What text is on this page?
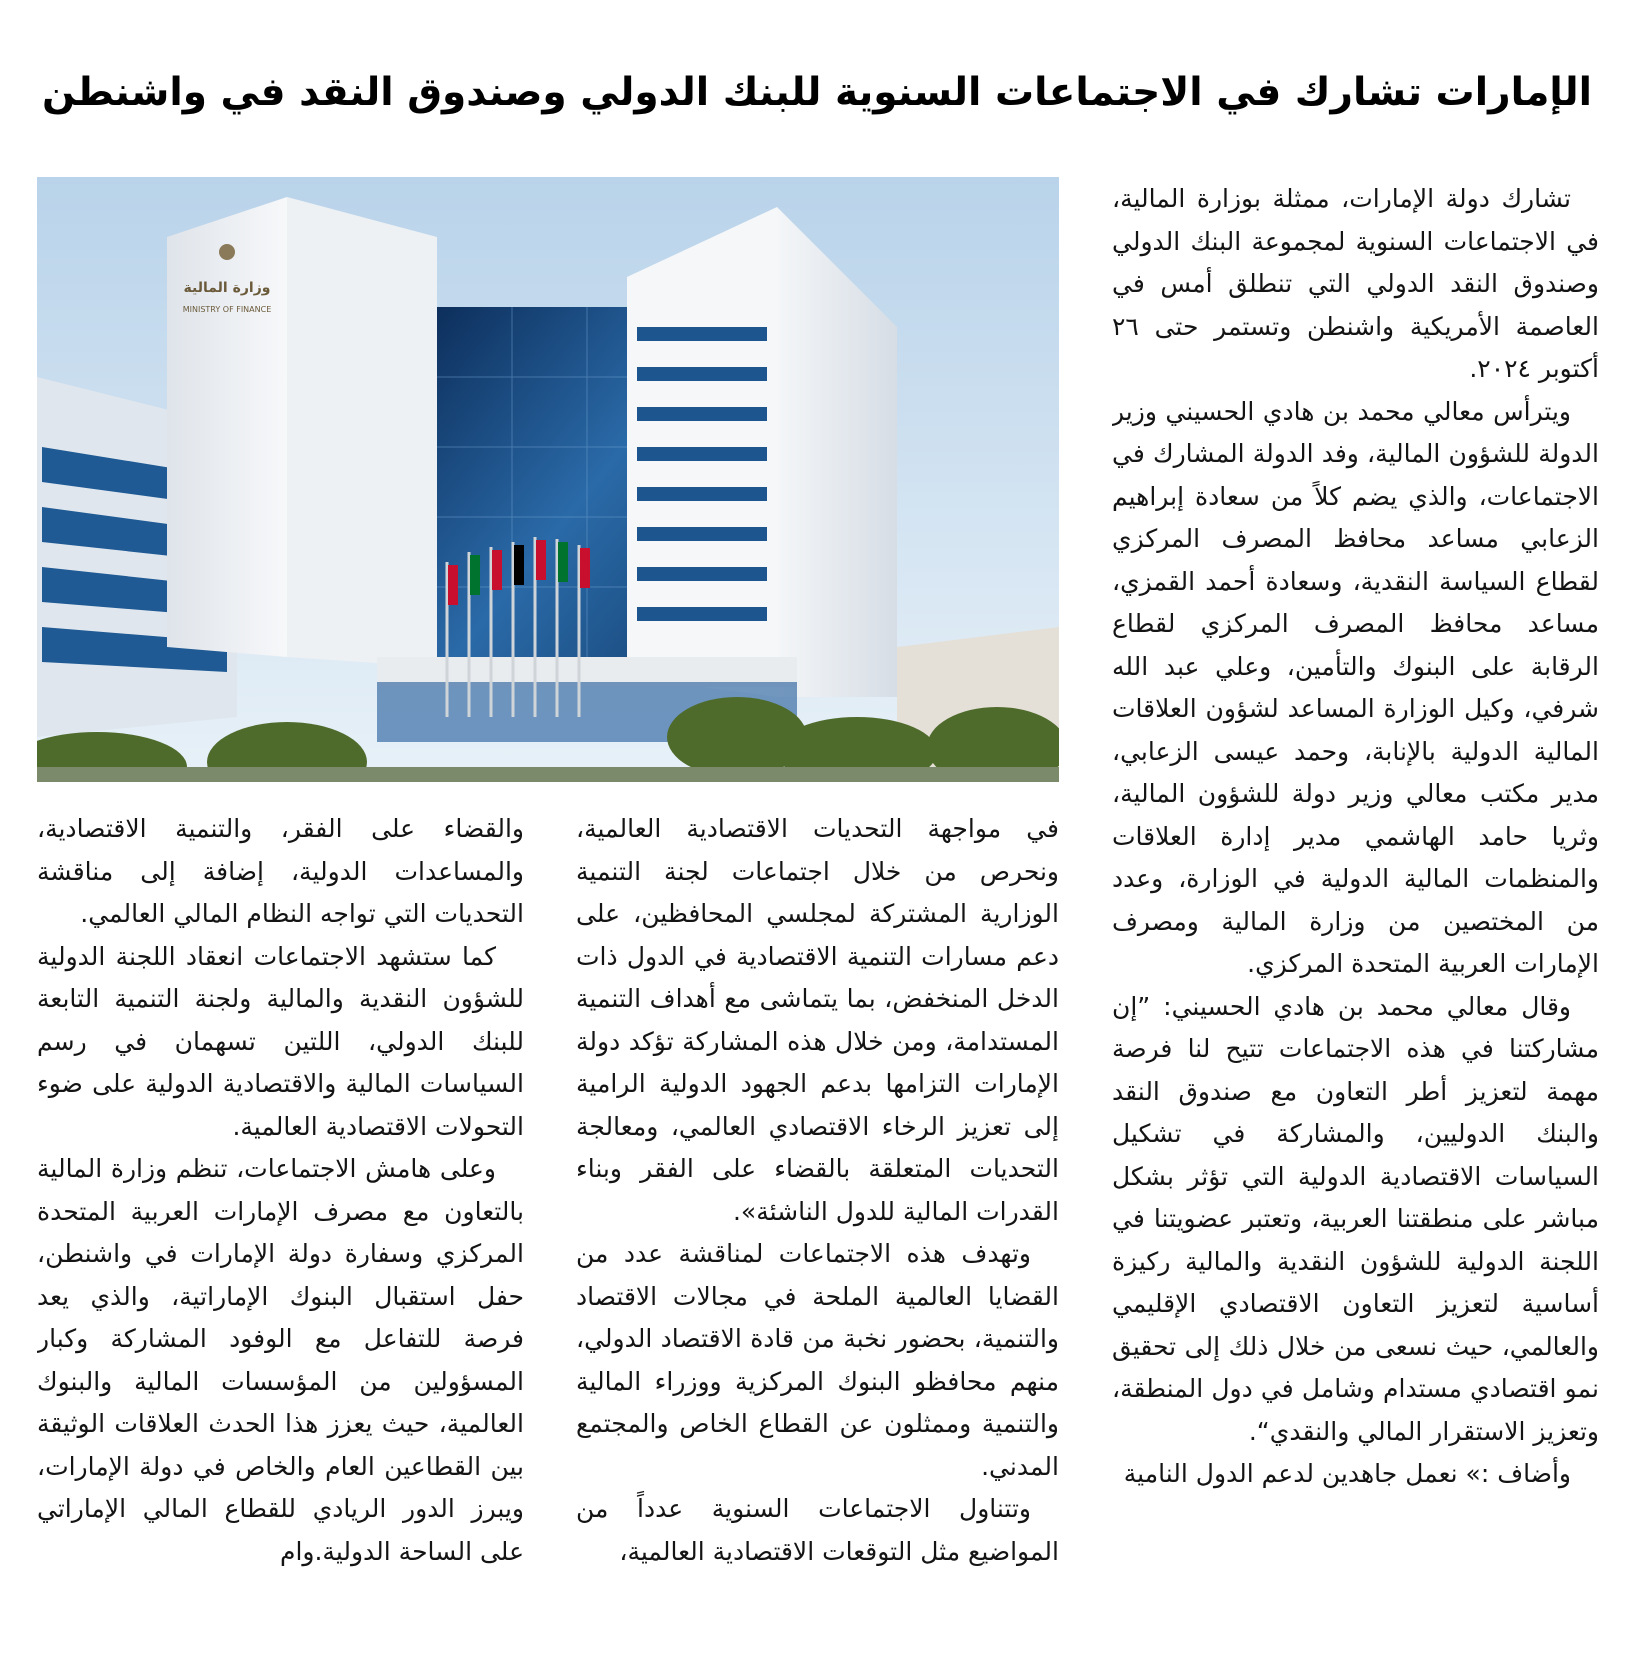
الإمارات تشارك في الاجتماعات السنوية للبنك الدولي وصندوق النقد في واشنطن
وزارة المالية
MINISTRY OF FINANCE

تشارك دولة الإمارات، ممثلة بوزارة المالية، في الاجتماعات السنوية لمجموعة البنك الدولي وصندوق النقد الدولي التي تنطلق أمس في العاصمة الأمريكية واشنطن وتستمر حتى ٢٦ أكتوبر ٢٠٢٤.

ويترأس معالي محمد بن هادي الحسيني وزير الدولة للشؤون المالية، وفد الدولة المشارك في الاجتماعات، والذي يضم كلاً من سعادة إبراهيم الزعابي مساعد محافظ المصرف المركزي لقطاع السياسة النقدية، وسعادة أحمد القمزي، مساعد محافظ المصرف المركزي لقطاع الرقابة على البنوك والتأمين، وعلي عبد الله شرفي، وكيل الوزارة المساعد لشؤون العلاقات المالية الدولية بالإنابة، وحمد عيسى الزعابي، مدير مكتب معالي وزير دولة للشؤون المالية، وثريا حامد الهاشمي مدير إدارة العلاقات والمنظمات المالية الدولية في الوزارة، وعدد من المختصين من وزارة المالية ومصرف الإمارات العربية المتحدة المركزي.

وقال معالي محمد بن هادي الحسيني: ”إن مشاركتنا في هذه الاجتماعات تتيح لنا فرصة مهمة لتعزيز أطر التعاون مع صندوق النقد والبنك الدوليين، والمشاركة في تشكيل السياسات الاقتصادية الدولية التي تؤثر بشكل مباشر على منطقتنا العربية، وتعتبر عضويتنا في اللجنة الدولية للشؤون النقدية والمالية ركيزة أساسية لتعزيز التعاون الاقتصادي الإقليمي والعالمي، حيث نسعى من خلال ذلك إلى تحقيق نمو اقتصادي مستدام وشامل في دول المنطقة، وتعزيز الاستقرار المالي والنقدي“.

وأضاف :» نعمل جاهدين لدعم الدول النامية

في مواجهة التحديات الاقتصادية العالمية، ونحرص من خلال اجتماعات لجنة التنمية الوزارية المشتركة لمجلسي المحافظين، على دعم مسارات التنمية الاقتصادية في الدول ذات الدخل المنخفض، بما يتماشى مع أهداف التنمية المستدامة، ومن خلال هذه المشاركة تؤكد دولة الإمارات التزامها بدعم الجهود الدولية الرامية إلى تعزيز الرخاء الاقتصادي العالمي، ومعالجة التحديات المتعلقة بالقضاء على الفقر وبناء القدرات المالية للدول الناشئة».

وتهدف هذه الاجتماعات لمناقشة عدد من القضايا العالمية الملحة في مجالات الاقتصاد والتنمية، بحضور نخبة من قادة الاقتصاد الدولي، منهم محافظو البنوك المركزية ووزراء المالية والتنمية وممثلون عن القطاع الخاص والمجتمع المدني.

وتتناول الاجتماعات السنوية عدداً من المواضيع مثل التوقعات الاقتصادية العالمية،

والقضاء على الفقر، والتنمية الاقتصادية، والمساعدات الدولية، إضافة إلى مناقشة التحديات التي تواجه النظام المالي العالمي.

كما ستشهد الاجتماعات انعقاد اللجنة الدولية للشؤون النقدية والمالية ولجنة التنمية التابعة للبنك الدولي، اللتين تسهمان في رسم السياسات المالية والاقتصادية الدولية على ضوء التحولات الاقتصادية العالمية.

وعلى هامش الاجتماعات، تنظم وزارة المالية بالتعاون مع مصرف الإمارات العربية المتحدة المركزي وسفارة دولة الإمارات في واشنطن، حفل استقبال البنوك الإماراتية، والذي يعد فرصة للتفاعل مع الوفود المشاركة وكبار المسؤولين من المؤسسات المالية والبنوك العالمية، حيث يعزز هذا الحدث العلاقات الوثيقة بين القطاعين العام والخاص في دولة الإمارات، ويبرز الدور الريادي للقطاع المالي الإماراتي على الساحة الدولية.وام
